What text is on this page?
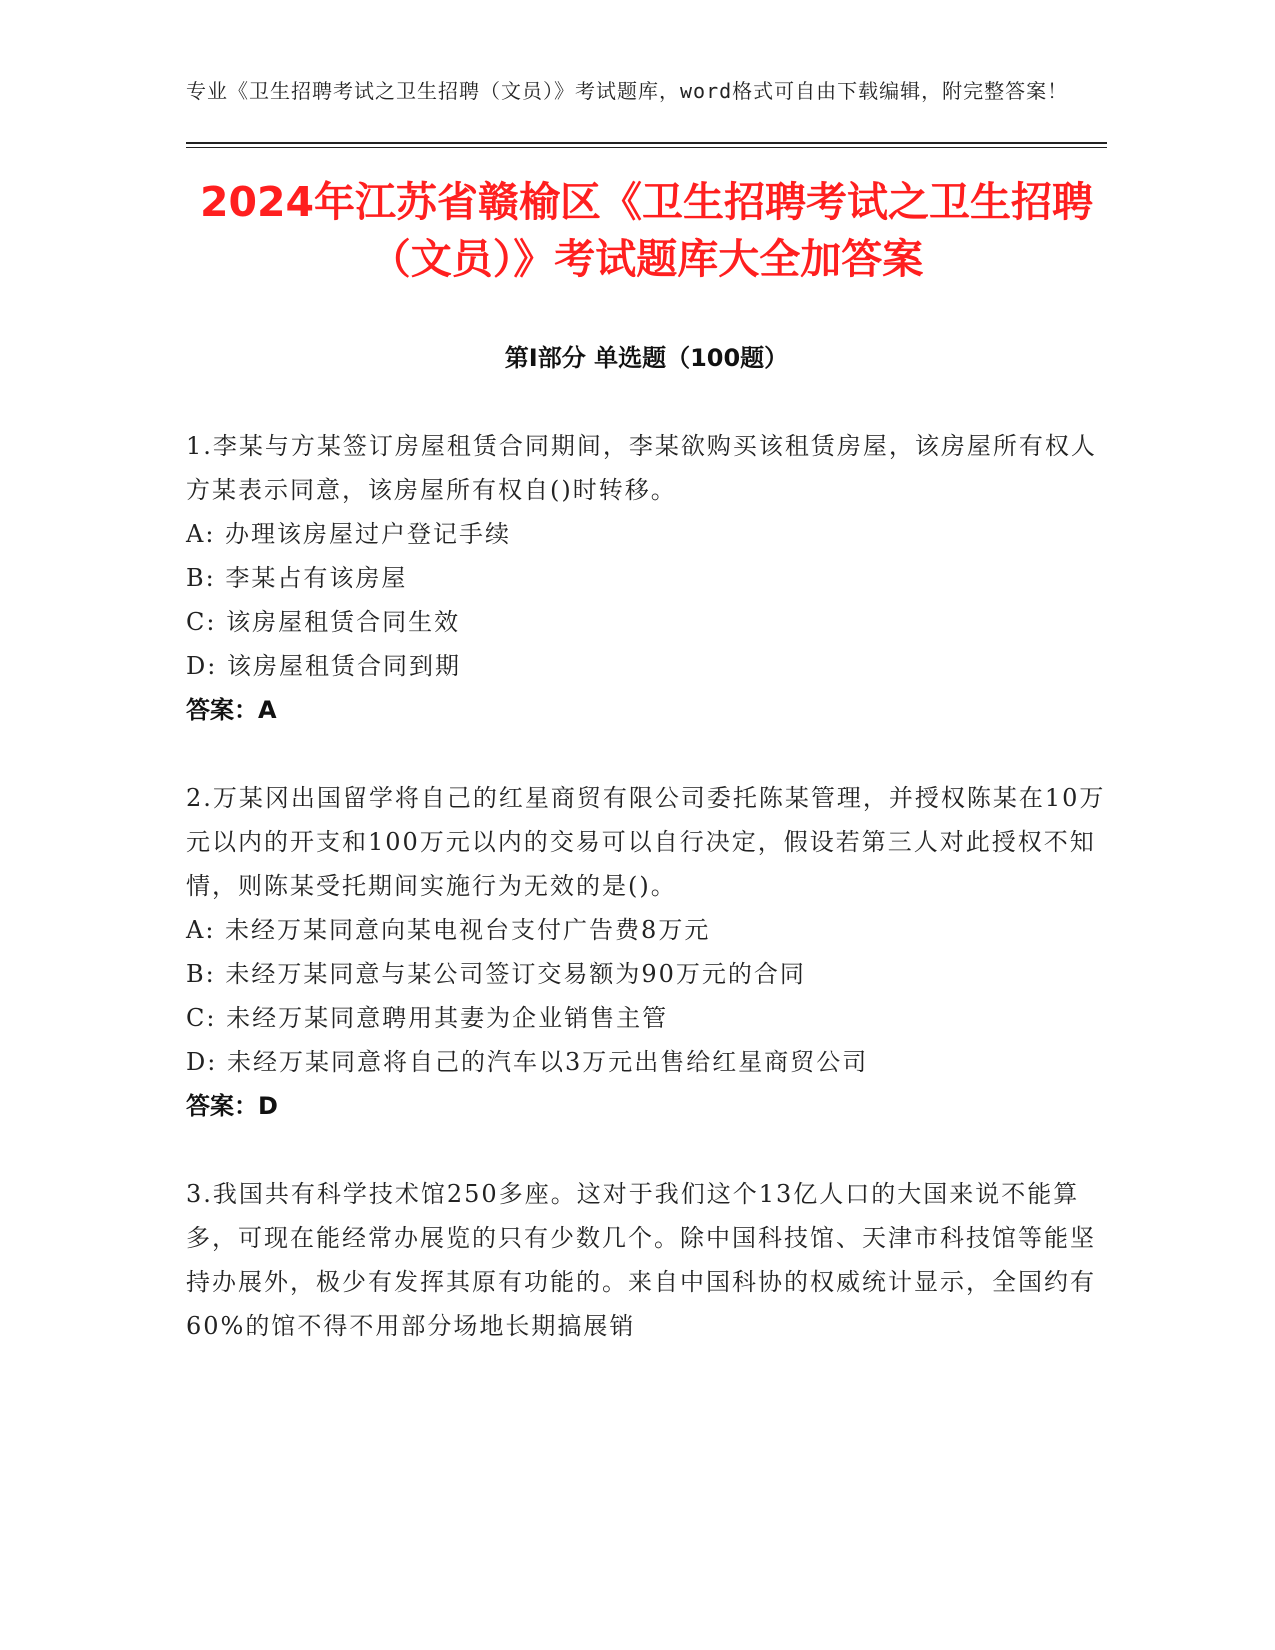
专业《卫生招聘考试之卫生招聘（文员）》考试题库，word格式可自由下载编辑，附完整答案！
2024年江苏省赣榆区《卫生招聘考试之卫生招聘（文员）》考试题库大全加答案
第I部分 单选题（100题）
1.李某与方某签订房屋租赁合同期间，李某欲购买该租赁房屋，该房屋所有权人方某表示同意，该房屋所有权自()时转移。
A: 办理该房屋过户登记手续
B: 李某占有该房屋
C: 该房屋租赁合同生效
D: 该房屋租赁合同到期
答案：A
2.万某冈出国留学将自己的红星商贸有限公司委托陈某管理，并授权陈某在10万元以内的开支和100万元以内的交易可以自行决定，假设若第三人对此授权不知情，则陈某受托期间实施行为无效的是()。
A: 未经万某同意向某电视台支付广告费8万元
B: 未经万某同意与某公司签订交易额为90万元的合同
C: 未经万某同意聘用其妻为企业销售主管
D: 未经万某同意将自己的汽车以3万元出售给红星商贸公司
答案：D
3.我国共有科学技术馆250多座。这对于我们这个13亿人口的大国来说不能算多，可现在能经常办展览的只有少数几个。除中国科技馆、天津市科技馆等能坚持办展外，极少有发挥其原有功能的。来自中国科协的权威统计显示，全国约有60%的馆不得不用部分场地长期搞展销
